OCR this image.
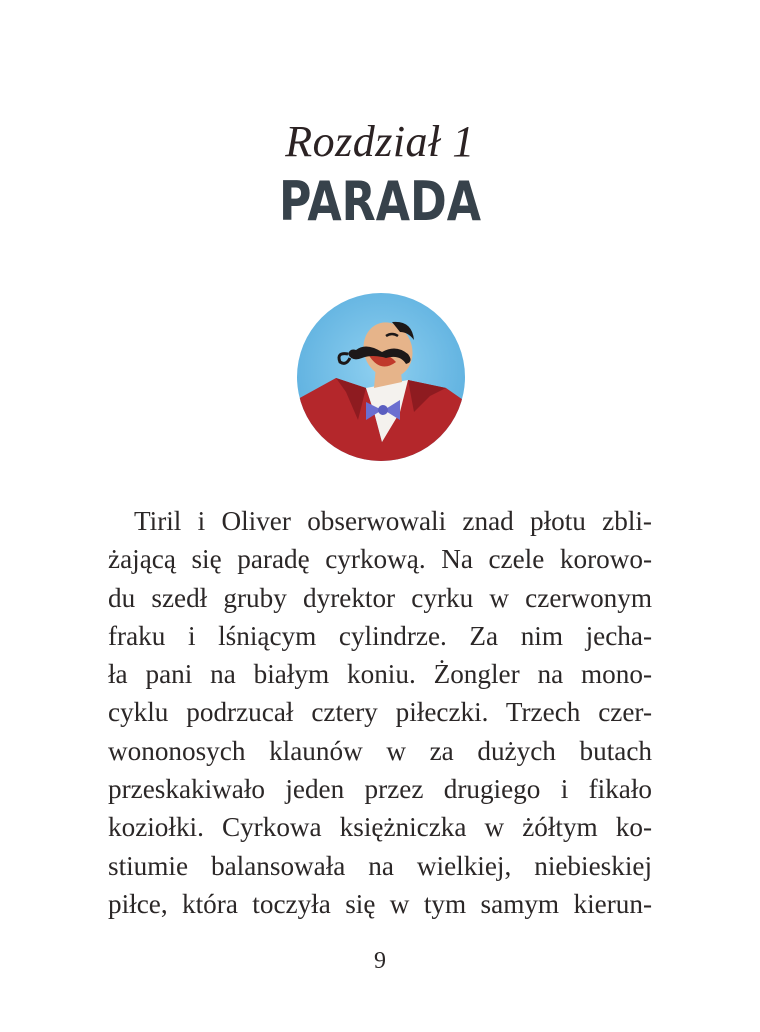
Rozdział 1
PARADA
Tiril i Oliver obserwowali znad płotu zbli-
żającą się paradę cyrkową. Na czele korowo-
du szedł gruby dyrektor cyrku w czerwonym
fraku i lśniącym cylindrze. Za nim jecha-
ła pani na białym koniu. Żongler na mono-
cyklu podrzucał cztery piłeczki. Trzech czer-
wononosych klaunów w za dużych butach
przeskakiwało jeden przez drugiego i fikało
koziołki. Cyrkowa księżniczka w żółtym ko-
stiumie balansowała na wielkiej, niebieskiej
piłce, która toczyła się w tym samym kierun-
9
